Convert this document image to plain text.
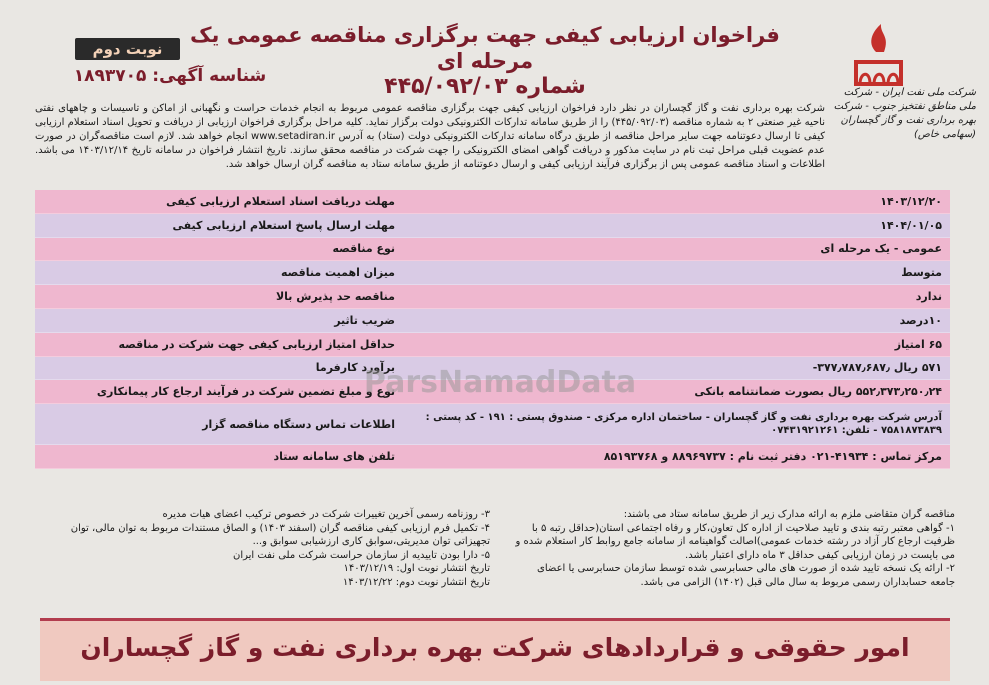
فراخوان ارزیابی کیفی جهت برگزاری مناقصه عمومی یک مرحله ای
شماره ۴۴۵/۰۹۲/۰۳
نوبت دوم
شناسه آگهی: ۱۸۹۳۷۰۵
شرکت ملی نفت ایران - شرکت ملی مناطق نفتخیز جنوب - شرکت بهره برداری نفت و گاز گچساران (سهامی خاص)
شرکت بهره برداری نفت و گاز گچساران در نظر دارد فراخوان ارزیابی کیفی جهت برگزاری مناقصه عمومی مربوط به انجام خدمات حراست و نگهبانی از اماکن و تاسیسات و چاههای نفتی ناحیه غیر صنعتی ۲ به شماره مناقصه (۴۴۵/۰۹۲/۰۳) را از طریق سامانه تدارکات الکترونیکی دولت برگزار نماید. کلیه مراحل برگزاری فراخوان ارزیابی از دریافت و تحویل اسناد استعلام ارزیابی کیفی تا ارسال دعوتنامه جهت سایر مراحل مناقصه از طریق درگاه سامانه تدارکات الکترونیکی دولت (ستاد) به آدرس www.setadiran.ir انجام خواهد شد. لازم است مناقصه‌گران در صورت عدم عضویت قبلی مراحل ثبت نام در سایت مذکور و دریافت گواهی امضای الکترونیکی را جهت شرکت در مناقصه محقق سازند. تاریخ انتشار فراخوان در سامانه تاریخ ۱۴۰۳/۱۲/۱۴ می باشد. اطلاعات و اسناد مناقصه عمومی پس از برگزاری فرآیند ارزیابی کیفی و ارسال دعوتنامه از طریق سامانه ستاد به مناقصه گران ارسال خواهد شد.
مهلت دریافت اسناد استعلام ارزیابی کیفی	۱۴۰۳/۱۲/۲۰
مهلت ارسال پاسخ استعلام ارزیابی کیفی	۱۴۰۴/۰۱/۰۵
نوع مناقصه	عمومی - یک مرحله ای
میزان اهمیت مناقصه	متوسط
مناقصه حد پذیرش بالا	ندارد
ضریب تاثیر	۱۰درصد
حداقل امتیاز ارزیابی کیفی جهت شرکت در مناقصه	۶۵ امتیاز
برآورد کارفرما	۵۷۱ ریال ۳۷۷٫۷۸۷٫۶۸۷٫-
نوع و مبلغ تضمین شرکت در فرآیند ارجاع کار پیمانکاری	۵۵۲٫۳۷۳٫۲۵۰٫۲۴ ریال بصورت ضمانتنامه بانکی
اطلاعات تماس دستگاه مناقصه گزار	آدرس شرکت بهره برداری نفت و گاز گچساران - ساختمان اداره مرکزی - صندوق پستی : ۱۹۱ - کد پستی : ۷۵۸۱۸۷۳۸۳۹ - تلفن: ۰۷۴۳۱۹۲۱۲۶۱
تلفن های سامانه ستاد	مرکز تماس : ۴۱۹۳۴-۰۲۱ دفتر ثبت نام : ۸۸۹۶۹۷۳۷ و ۸۵۱۹۳۷۶۸
ParsNamadData
مناقصه گران متقاضی ملزم به ارائه مدارک زیر از طریق سامانه ستاد می باشند:
۱- گواهی معتبر رتبه بندی و تایید صلاحیت از اداره کل تعاون،کار و رفاه اجتماعی استان(حداقل رتبه ۵ با ظرفیت ارجاع کار آزاد در رشته خدمات عمومی)اصالت گواهینامه از سامانه جامع روابط کار استعلام شده و می بایست در زمان ارزیابی کیفی حداقل ۳ ماه دارای اعتبار باشد.
۲- ارائه یک نسخه تایید شده از صورت های مالی حسابرسی شده توسط سازمان حسابرسی یا اعضای جامعه حسابداران رسمی مربوط به سال مالی قبل (۱۴۰۲) الزامی می باشد.
۳- روزنامه رسمی آخرین تغییرات شرکت در خصوص ترکیب اعضای هیات مدیره
۴- تکمیل فرم ارزیابی کیفی مناقصه گران (اسفند ۱۴۰۳) و الصاق مستندات مربوط به توان مالی، توان تجهیزاتی توان مدیریتی،سوابق کاری ارزشیابی سوابق و...
۵- دارا بودن تاییدیه از سازمان حراست شرکت ملی نفت ایران
تاریخ انتشار نوبت اول: ۱۴۰۳/۱۲/۱۹
تاریخ انتشار نوبت دوم: ۱۴۰۳/۱۲/۲۲
امور حقوقی و قراردادهای شرکت بهره برداری نفت و گاز گچساران
